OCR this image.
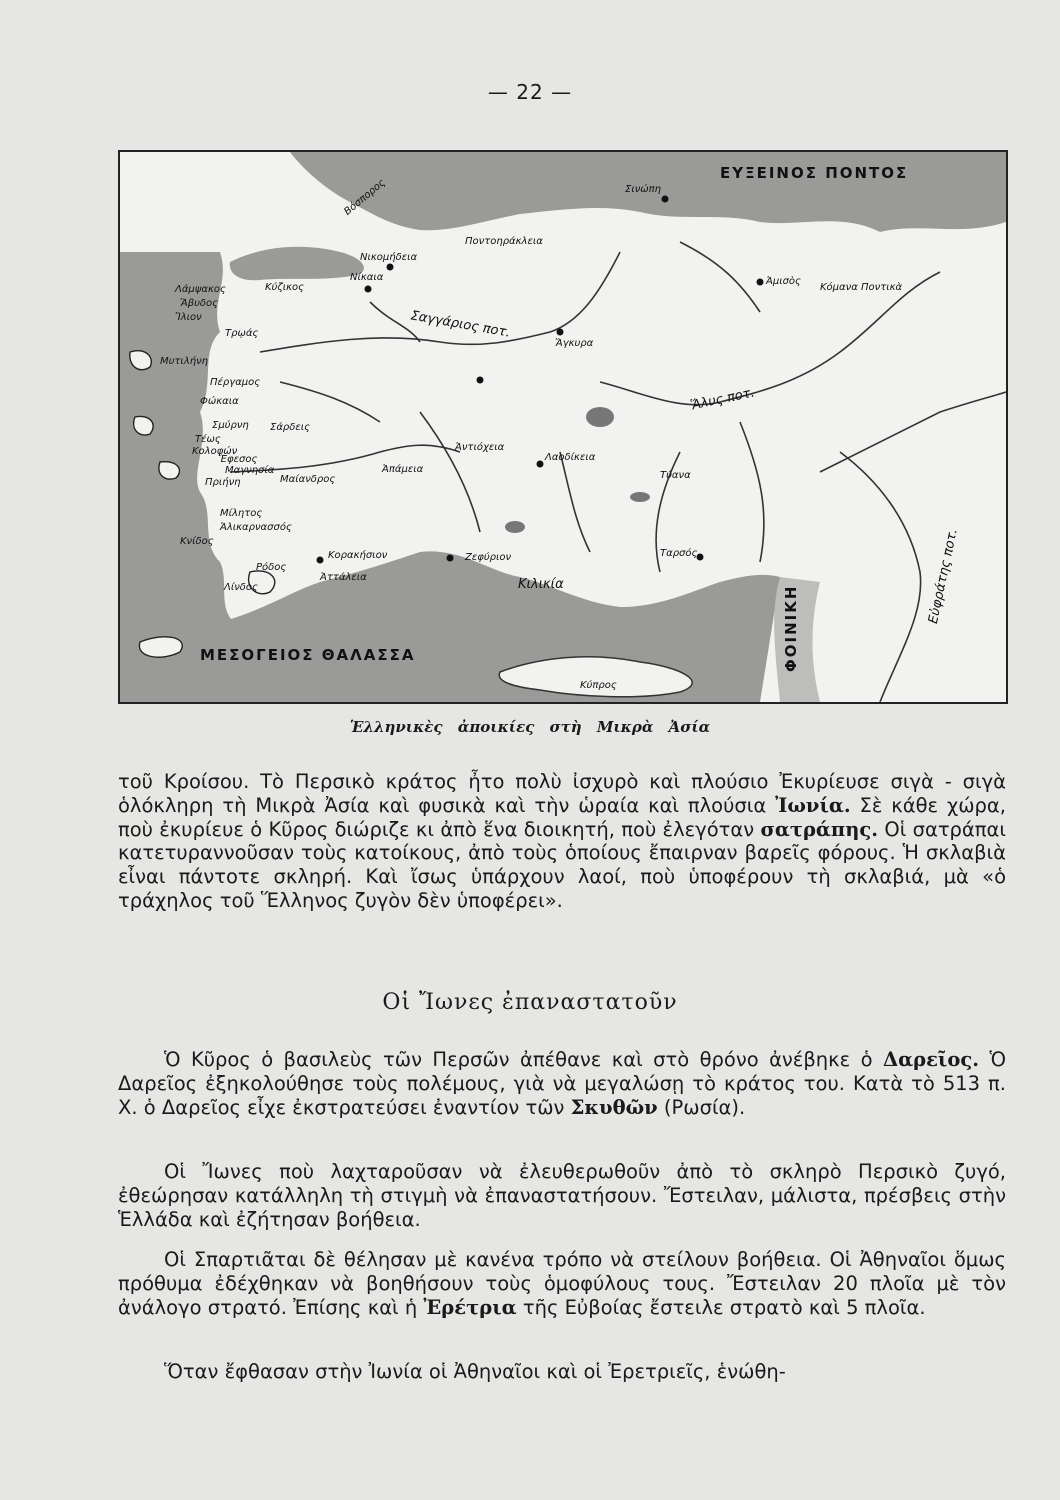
— 22 —
ΕΥΞΕΙΝΟΣ ΠΟΝΤΟΣ
ΜΕΣΟΓΕΙΟΣ ΘΑΛΑΣΣΑ	ΦΟΙΝΙΚΗ
Εὐφράτης ποτ.
Ἅλυς ποτ.
Σαγγάριος ποτ.
Μαίανδρος
Βόσπορος	Σινώπη
Ἀμισὸς
Κόμανα Ποντικὰ
Νικομήδεια
Νίκαια
Κύζικος
Λάμψακος
Ἄβυδος
Ἴλιον
Τρῳάς
Ποντοηράκλεια
Ἄγκυρα
Μυτιλήνη
Πέργαμος
Φώκαια
Σμύρνη Σάρδεις
Τέως
Κολοφών
Ἔφεσος
Μαγνησία
Πριήνη
Μίλητος
Ἁλικαρνασσός
Κνίδος
Ρόδος
Λίνδος
Ἀντιόχεια
Ἀπάμεια
Λαοδίκεια
Τύανα
Ταρσός
Κιλικία
Ζεφύριον
Κορακήσιον
Ἀττάλεια
Κύπρος
Ἑλληνικὲς ἀποικίες στὴ Μικρὰ Ἀσία

τοῦ Κροίσου. Τὸ Περσικὸ κράτος ἦτο πολὺ ἰσχυρὸ καὶ πλούσιο Ἐκυρίευσε σιγὰ - σιγὰ ὁλόκληρη τὴ Μικρὰ Ἀσία καὶ φυσικὰ καὶ τὴν ὡραία καὶ πλούσια Ἰωνία. Σὲ κάθε χώρα, ποὺ ἐκυρίευε ὁ Κῦρος διώριζε κι ἀπὸ ἕνα διοικητή, ποὺ ἐλεγόταν σατράπης. Οἱ σατράπαι κατετυραννοῦσαν τοὺς κατοίκους, ἀπὸ τοὺς ὁποίους ἔπαιρναν βαρεῖς φόρους. Ἡ σκλαβιὰ εἶναι πάντοτε σκληρή. Καὶ ἴσως ὑπάρχουν λαοί, ποὺ ὑποφέρουν τὴ σκλαβιά, μὰ «ὁ τράχηλος τοῦ Ἕλληνος ζυγὸν δὲν ὑποφέρει».

Οἱ Ἴωνες ἐπαναστατοῦν

Ὁ Κῦρος ὁ βασιλεὺς τῶν Περσῶν ἀπέθανε καὶ στὸ θρόνο ἀνέβηκε ὁ Δαρεῖος. Ὁ Δαρεῖος ἐξηκολούθησε τοὺς πολέμους, γιὰ νὰ μεγαλώσῃ τὸ κράτος του. Κατὰ τὸ 513 π. Χ. ὁ Δαρεῖος εἶχε ἐκστρατεύσει ἐναντίον τῶν Σκυθῶν (Ρωσία).

Οἱ Ἴωνες ποὺ λαχταροῦσαν νὰ ἐλευθερωθοῦν ἀπὸ τὸ σκληρὸ Περσικὸ ζυγό, ἐθεώρησαν κατάλληλη τὴ στιγμὴ νὰ ἐπαναστατήσουν. Ἔστειλαν, μάλιστα, πρέσβεις στὴν Ἑλλάδα καὶ ἐζήτησαν βοήθεια.

Οἱ Σπαρτιᾶται δὲ θέλησαν μὲ κανένα τρόπο νὰ στείλουν βοήθεια. Οἱ Ἀθηναῖοι ὅμως πρόθυμα ἐδέχθηκαν νὰ βοηθήσουν τοὺς ὁμοφύλους τους. Ἔστειλαν 20 πλοῖα μὲ τὸν ἀνάλογο στρατό. Ἐπίσης καὶ ἡ Ἐρέτρια τῆς Εὐβοίας ἔστειλε στρατὸ καὶ 5 πλοῖα.

Ὅταν ἔφθασαν στὴν Ἰωνία οἱ Ἀθηναῖοι καὶ οἱ Ἐρετριεῖς, ἑνώθη-
